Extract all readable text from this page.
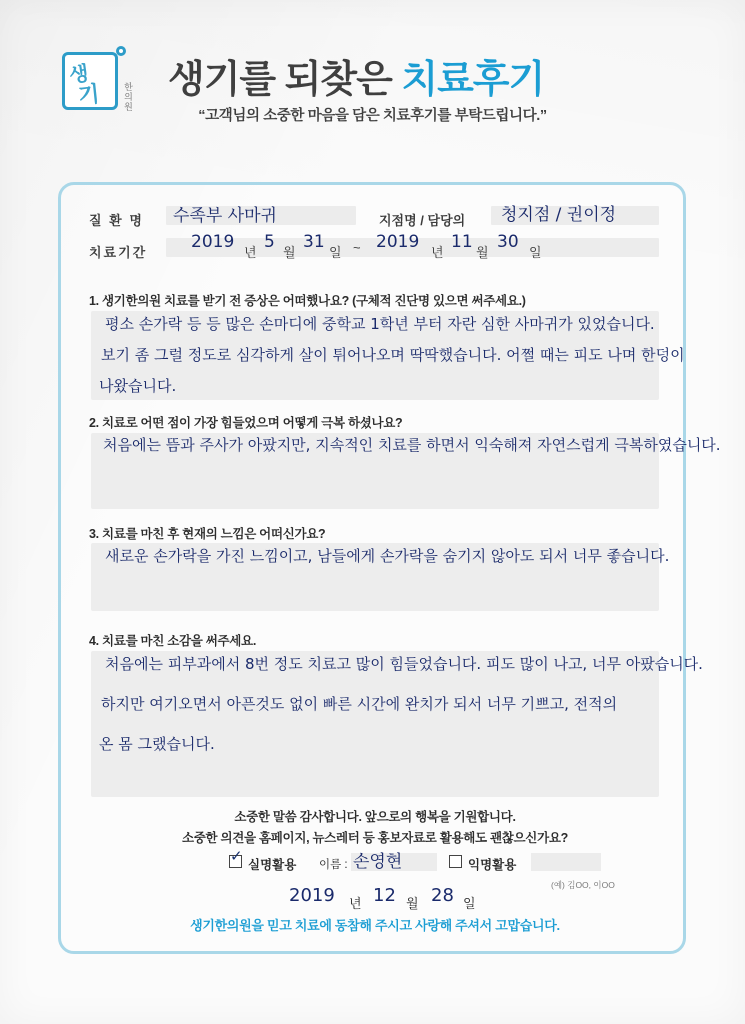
생
기 한의원 생기를 되찾은 치료후기
“고객님의 소중한 마음을 담은 치료후기를 부탁드립니다.”
질 환 명 수족부 사마귀	지점명 / 담당의 청지점 / 권이정
치료기간
2019
년
5
월
31
일 ~ 2019
년
11
월
30
일
1. 생기한의원 치료를 받기 전 증상은 어떠했나요? (구체적 진단명 있으면 써주세요.)
평소 손가락 등 등 많은 손마디에 중학교 1학년 부터 자란 심한 사마귀가 있었습니다.
보기 좀 그럴 정도로 심각하게 살이 튀어나오며 딱딱했습니다. 어쩔 때는 피도 나며 한덩이
나왔습니다.
2. 치료로 어떤 점이 가장 힘들었으며 어떻게 극복 하셨나요?
처음에는 뜸과 주사가 아팠지만, 지속적인 치료를 하면서 익숙해져 자연스럽게 극복하였습니다.
3. 치료를 마친 후 현재의 느낌은 어떠신가요?
새로운 손가락을 가진 느낌이고, 남들에게 손가락을 숨기지 않아도 되서 너무 좋습니다.
4. 치료를 마친 소감을 써주세요.
처음에는 피부과에서 8번 정도 치료고 많이 힘들었습니다. 피도 많이 나고, 너무 아팠습니다.
하지만 여기오면서 아픈것도 없이 빠른 시간에 완치가 되서 너무 기쁘고, 전적의
온 몸 그랬습니다.
소중한 말씀 감사합니다. 앞으로의 행복을 기원합니다.
소중한 의견을 홈페이지, 뉴스레터 등 홍보자료로 활용해도 괜찮으신가요?
✓ 실명활용 이름 : 손영현	익명활용
(예) 김OO, 이OO
2019 년 12 월 28 일
생기한의원을 믿고 치료에 동참해 주시고 사랑해 주셔서 고맙습니다.
